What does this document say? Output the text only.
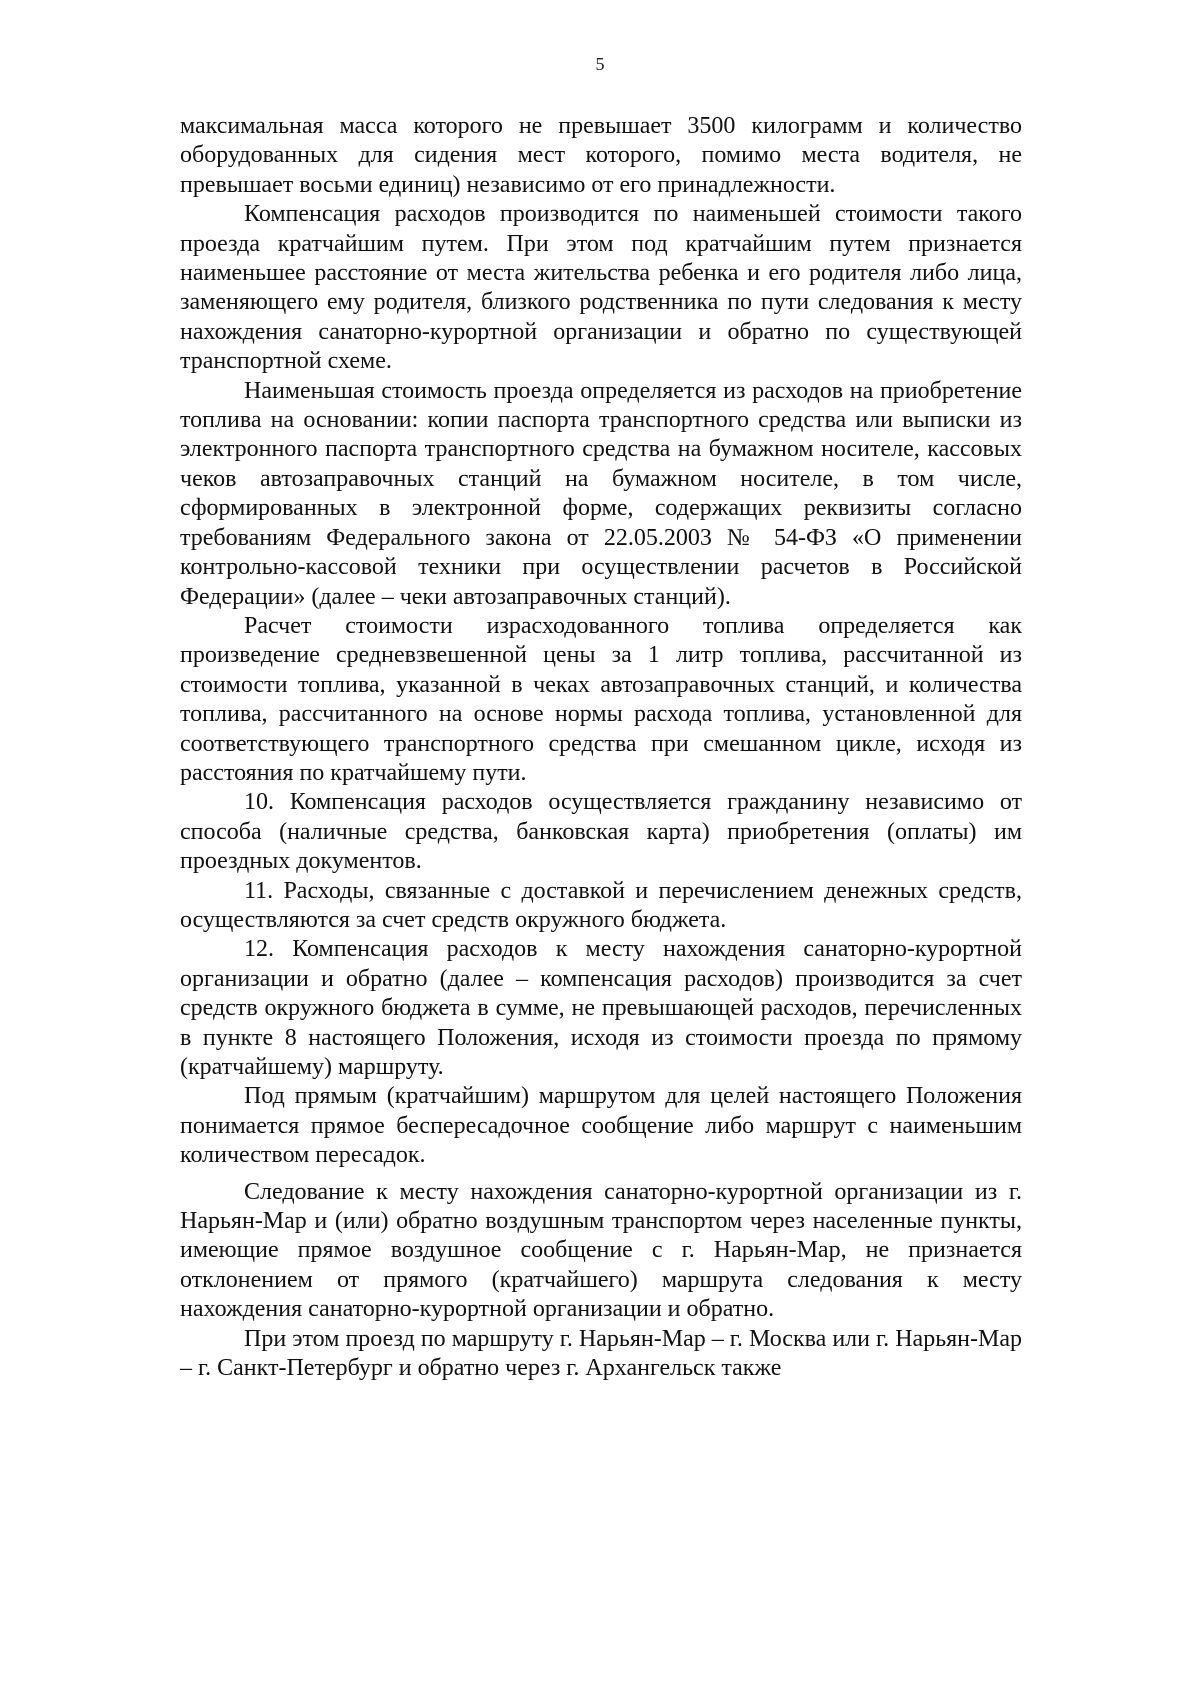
5

максимальная масса которого не превышает 3500 килограмм и количество оборудованных для сидения мест которого, помимо места водителя, не превышает восьми единиц) независимо от его принадлежности.

Компенсация расходов производится по наименьшей стоимости такого проезда кратчайшим путем. При этом под кратчайшим путем признается наименьшее расстояние от места жительства ребенка и его родителя либо лица, заменяющего ему родителя, близкого родственника по пути следования к месту нахождения санаторно-курортной организации и обратно по существующей транспортной схеме.

Наименьшая стоимость проезда определяется из расходов на приобретение топлива на основании: копии паспорта транспортного средства или выписки из электронного паспорта транспортного средства на бумажном носителе, кассовых чеков автозаправочных станций на бумажном носителе, в том числе, сформированных в электронной форме, содержащих реквизиты согласно требованиям Федерального закона от 22.05.2003 № 54-ФЗ «О применении контрольно-кассовой техники при осуществлении расчетов в Российской Федерации» (далее – чеки автозаправочных станций).

Расчет стоимости израсходованного топлива определяется как произведение средневзвешенной цены за 1 литр топлива, рассчитанной из стоимости топлива, указанной в чеках автозаправочных станций, и количества топлива, рассчитанного на основе нормы расхода топлива, установленной для соответствующего транспортного средства при смешанном цикле, исходя из расстояния по кратчайшему пути.

10. Компенсация расходов осуществляется гражданину независимо от способа (наличные средства, банковская карта) приобретения (оплаты) им проездных документов.

11. Расходы, связанные с доставкой и перечислением денежных средств, осуществляются за счет средств окружного бюджета.

12. Компенсация расходов к месту нахождения санаторно-курортной организации и обратно (далее – компенсация расходов) производится за счет средств окружного бюджета в сумме, не превышающей расходов, перечисленных в пункте 8 настоящего Положения, исходя из стоимости проезда по прямому (кратчайшему) маршруту.

Под прямым (кратчайшим) маршрутом для целей настоящего Положения понимается прямое беспересадочное сообщение либо маршрут с наименьшим количеством пересадок.

Следование к месту нахождения санаторно-курортной организации из г. Нарьян-Мар и (или) обратно воздушным транспортом через населенные пункты, имеющие прямое воздушное сообщение с г. Нарьян-Мар, не признается отклонением от прямого (кратчайшего) маршрута следования к месту нахождения санаторно-курортной организации и обратно.

При этом проезд по маршруту г. Нарьян-Мар – г. Москва или г. Нарьян-Мар – г. Санкт-Петербург и обратно через г. Архангельск также
